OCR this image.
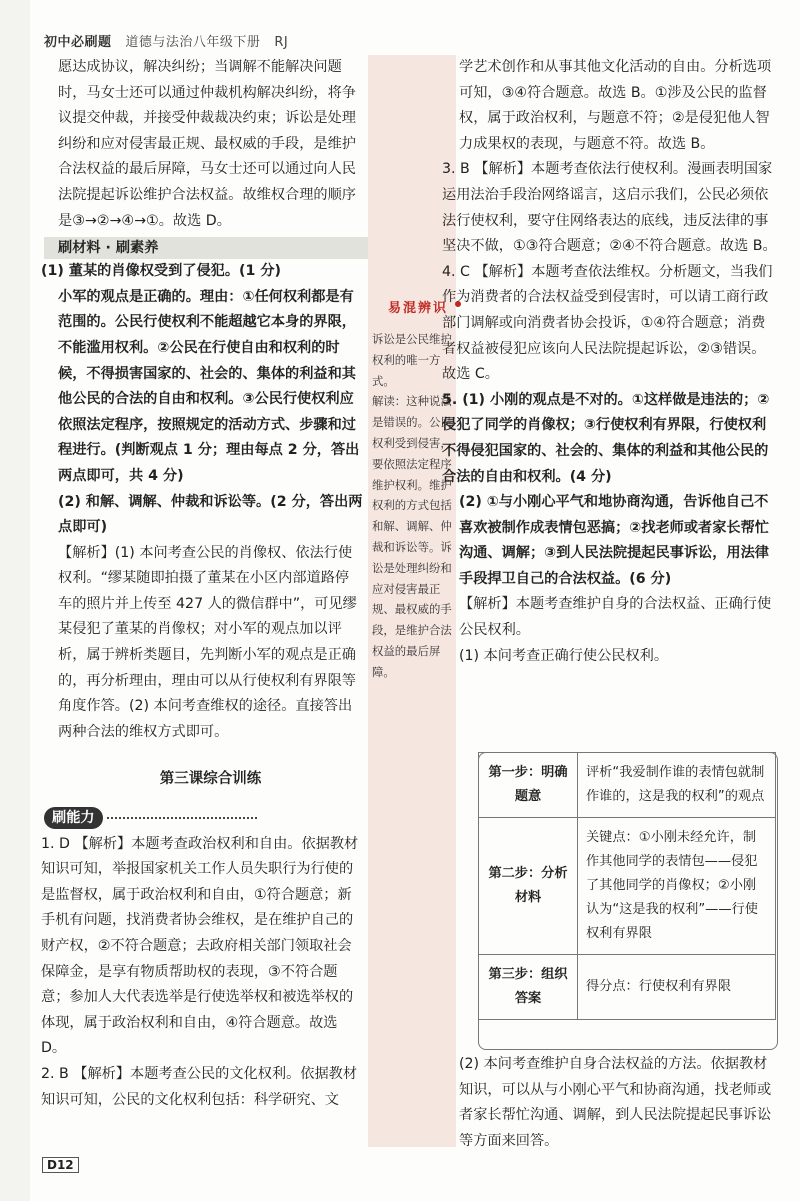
初中必刷题 道德与法治八年级下册 RJ

愿达成协议，解决纠纷；当调解不能解决问题时，马女士还可以通过仲裁机构解决纠纷，将争议提交仲裁，并接受仲裁裁决约束；诉讼是处理纠纷和应对侵害最正规、最权威的手段，是维护合法权益的最后屏障，马女士还可以通过向人民法院提起诉讼维护合法权益。故维权合理的顺序是③→②→④→①。故选 D。

刷材料 · 刷素养

(1) 董某的肖像权受到了侵犯。(1 分)

小军的观点是正确的。理由：①任何权利都是有范围的。公民行使权利不能超越它本身的界限，不能滥用权利。②公民在行使自由和权利的时候，不得损害国家的、社会的、集体的利益和其他公民的合法的自由和权利。③公民行使权利应依照法定程序，按照规定的活动方式、步骤和过程进行。(判断观点 1 分；理由每点 2 分，答出两点即可，共 4 分)

(2) 和解、调解、仲裁和诉讼等。(2 分，答出两点即可)

【解析】(1) 本问考查公民的肖像权、依法行使权利。“缪某随即拍摄了董某在小区内部道路停车的照片并上传至 427 人的微信群中”，可见缪某侵犯了董某的肖像权；对小军的观点加以评析，属于辨析类题目，先判断小军的观点是正确的，再分析理由，理由可以从行使权利有界限等角度作答。(2) 本问考查维权的途径。直接答出两种合法的维权方式即可。

第三课综合训练
刷能力

1. D 【解析】本题考查政治权利和自由。依据教材知识可知，举报国家机关工作人员失职行为行使的是监督权，属于政治权利和自由，①符合题意；新手机有问题，找消费者协会维权，是在维护自己的财产权，②不符合题意；去政府相关部门领取社会保障金，是享有物质帮助权的表现，③不符合题意；参加人大代表选举是行使选举权和被选举权的体现，属于政治权利和自由，④符合题意。故选 D。

2. B 【解析】本题考查公民的文化权利。依据教材知识可知，公民的文化权利包括：科学研究、文

易混辨识
诉讼是公民维护权利的唯一方式。
解读：这种说法是错误的。公民权利受到侵害，要依照法定程序维护权利。维护权利的方式包括和解、调解、仲裁和诉讼等。诉讼是处理纠纷和应对侵害最正规、最权威的手段，是维护合法权益的最后屏障。

学艺术创作和从事其他文化活动的自由。分析选项可知，③④符合题意。故选 B。①涉及公民的监督权，属于政治权利，与题意不符；②是侵犯他人智力成果权的表现，与题意不符。故选 B。

3. B 【解析】本题考查依法行使权利。漫画表明国家运用法治手段治网络谣言，这启示我们，公民必须依法行使权利，要守住网络表达的底线，违反法律的事坚决不做，①③符合题意；②④不符合题意。故选 B。

4. C 【解析】本题考查依法维权。分析题文，当我们作为消费者的合法权益受到侵害时，可以请工商行政部门调解或向消费者协会投诉，①④符合题意；消费者权益被侵犯应该向人民法院提起诉讼，②③错误。故选 C。

5. (1) 小刚的观点是不对的。①这样做是违法的；②侵犯了同学的肖像权；③行使权利有界限，行使权利不得侵犯国家的、社会的、集体的利益和其他公民的合法的自由和权利。(4 分)

(2) ①与小刚心平气和地协商沟通，告诉他自己不喜欢被制作成表情包恶搞；②找老师或者家长帮忙沟通、调解；③到人民法院提起民事诉讼，用法律手段捍卫自己的合法权益。(6 分)

【解析】本题考查维护自身的合法权益、正确行使公民权利。

(1) 本问考查正确行使公民权利。

第一步：明确题意	评析“我爱制作谁的表情包就制作谁的，这是我的权利”的观点
第二步：分析材料	关键点：①小刚未经允许，制作其他同学的表情包——侵犯了其他同学的肖像权；②小刚认为“这是我的权利”——行使权利有界限
第三步：组织答案	得分点：行使权利有界限

(2) 本问考查维护自身合法权益的方法。依据教材知识，可以从与小刚心平气和协商沟通，找老师或者家长帮忙沟通、调解，到人民法院提起民事诉讼等方面来回答。

D12
